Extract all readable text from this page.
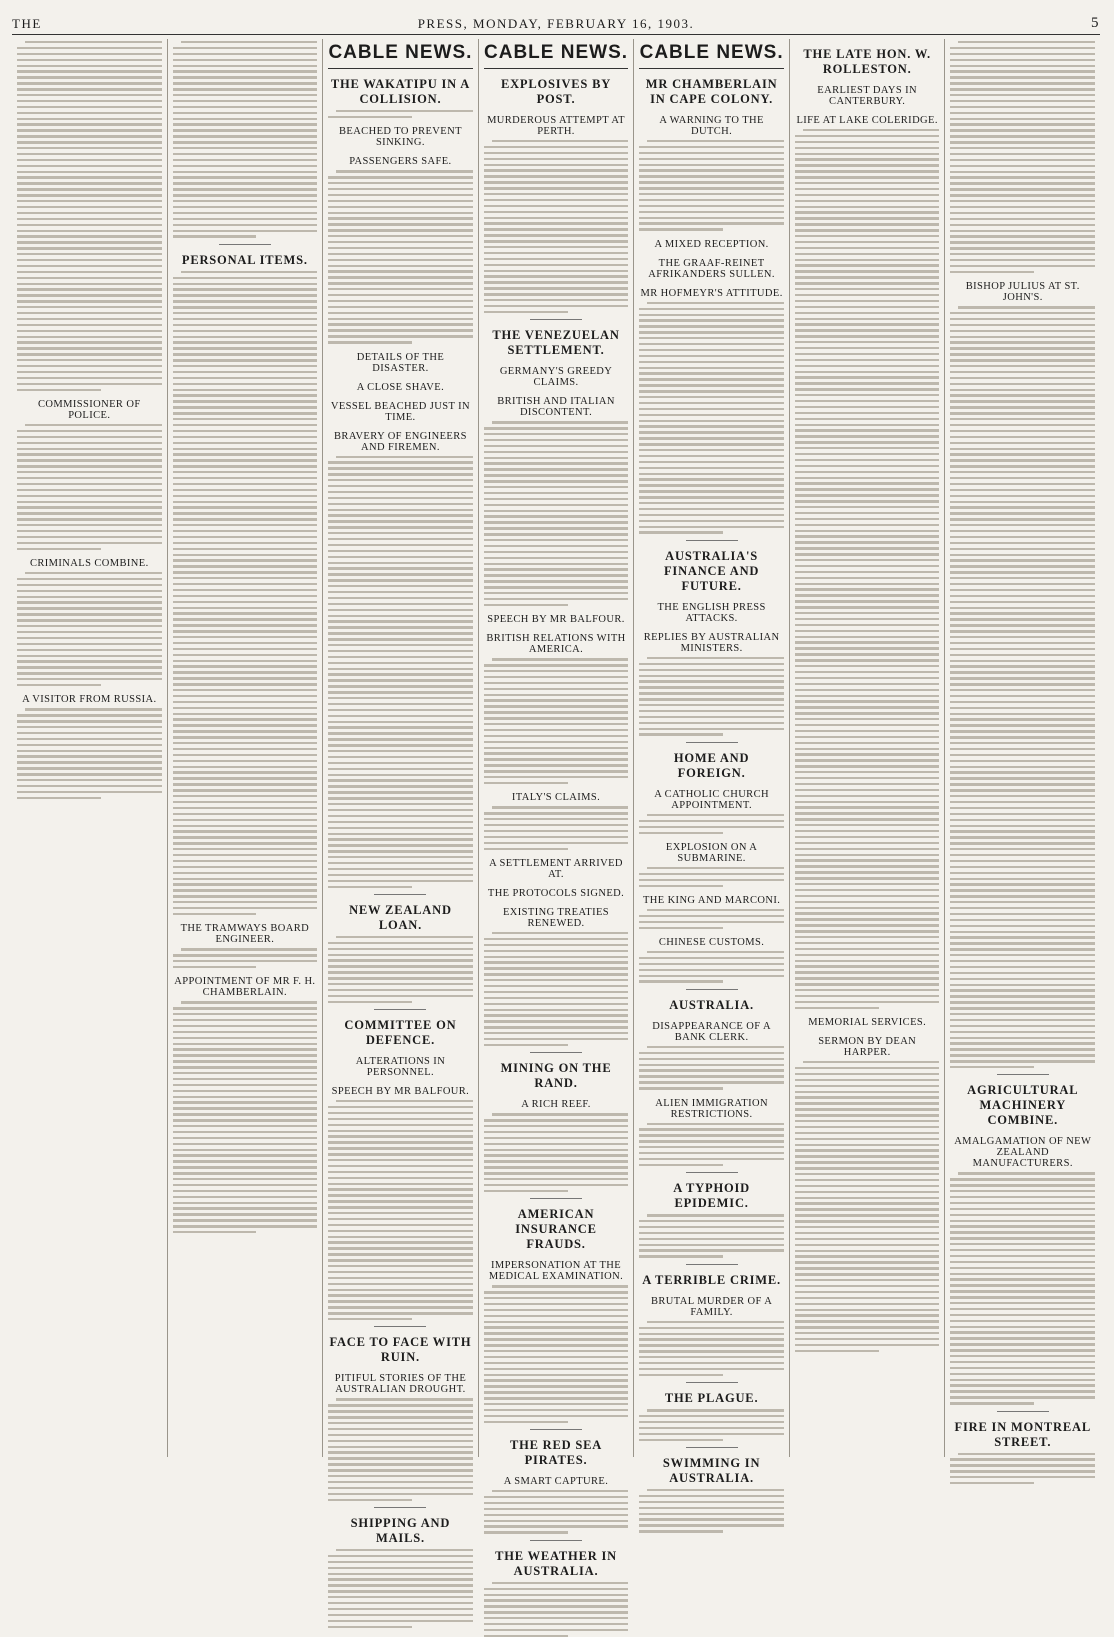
THE	PRESS, MONDAY, FEBRUARY 16, 1903.	5
COMMISSIONER OF POLICE.
CRIMINALS COMBINE.
A VISITOR FROM RUSSIA.
PERSONAL ITEMS.
THE TRAMWAYS BOARD ENGINEER.
APPOINTMENT OF MR F. H. CHAMBERLAIN.
CABLE NEWS.
THE WAKATIPU IN A COLLISION.
BEACHED TO PREVENT SINKING.
PASSENGERS SAFE.
DETAILS OF THE DISASTER.
A CLOSE SHAVE.
VESSEL BEACHED JUST IN TIME.
BRAVERY OF ENGINEERS AND FIREMEN.
NEW ZEALAND LOAN.
COMMITTEE ON DEFENCE.
ALTERATIONS IN PERSONNEL.
SPEECH BY MR BALFOUR.
FACE TO FACE WITH RUIN.
PITIFUL STORIES OF THE AUSTRALIAN DROUGHT.
SHIPPING AND MAILS.
CABLE NEWS.
EXPLOSIVES BY POST.
MURDEROUS ATTEMPT AT PERTH.
THE VENEZUELAN SETTLEMENT.
GERMANY'S GREEDY CLAIMS.
BRITISH AND ITALIAN DISCONTENT.
SPEECH BY MR BALFOUR.
BRITISH RELATIONS WITH AMERICA.
ITALY'S CLAIMS.
A SETTLEMENT ARRIVED AT.
THE PROTOCOLS SIGNED.
EXISTING TREATIES RENEWED.
MINING ON THE RAND.
A RICH REEF.
AMERICAN INSURANCE FRAUDS.
IMPERSONATION AT THE MEDICAL EXAMINATION.
THE RED SEA PIRATES.
A SMART CAPTURE.
THE WEATHER IN AUSTRALIA.
CABLE NEWS.
MR CHAMBERLAIN IN CAPE COLONY.
A WARNING TO THE DUTCH.
A MIXED RECEPTION.
THE GRAAF-REINET AFRIKANDERS SULLEN.
MR HOFMEYR'S ATTITUDE.
AUSTRALIA'S FINANCE AND FUTURE.
THE ENGLISH PRESS ATTACKS.
REPLIES BY AUSTRALIAN MINISTERS.
HOME AND FOREIGN.
A CATHOLIC CHURCH APPOINTMENT.
EXPLOSION ON A SUBMARINE.
THE KING AND MARCONI.
CHINESE CUSTOMS.
AUSTRALIA.
DISAPPEARANCE OF A BANK CLERK.
ALIEN IMMIGRATION RESTRICTIONS.
A TYPHOID EPIDEMIC.
A TERRIBLE CRIME.
BRUTAL MURDER OF A FAMILY.
THE PLAGUE.
SWIMMING IN AUSTRALIA.
THE LATE HON. W. ROLLESTON.
EARLIEST DAYS IN CANTERBURY.
LIFE AT LAKE COLERIDGE.
MEMORIAL SERVICES.
SERMON BY DEAN HARPER.
BISHOP JULIUS AT ST. JOHN'S.
AGRICULTURAL MACHINERY COMBINE.
AMALGAMATION OF NEW ZEALAND MANUFACTURERS.
FIRE IN MONTREAL STREET.
